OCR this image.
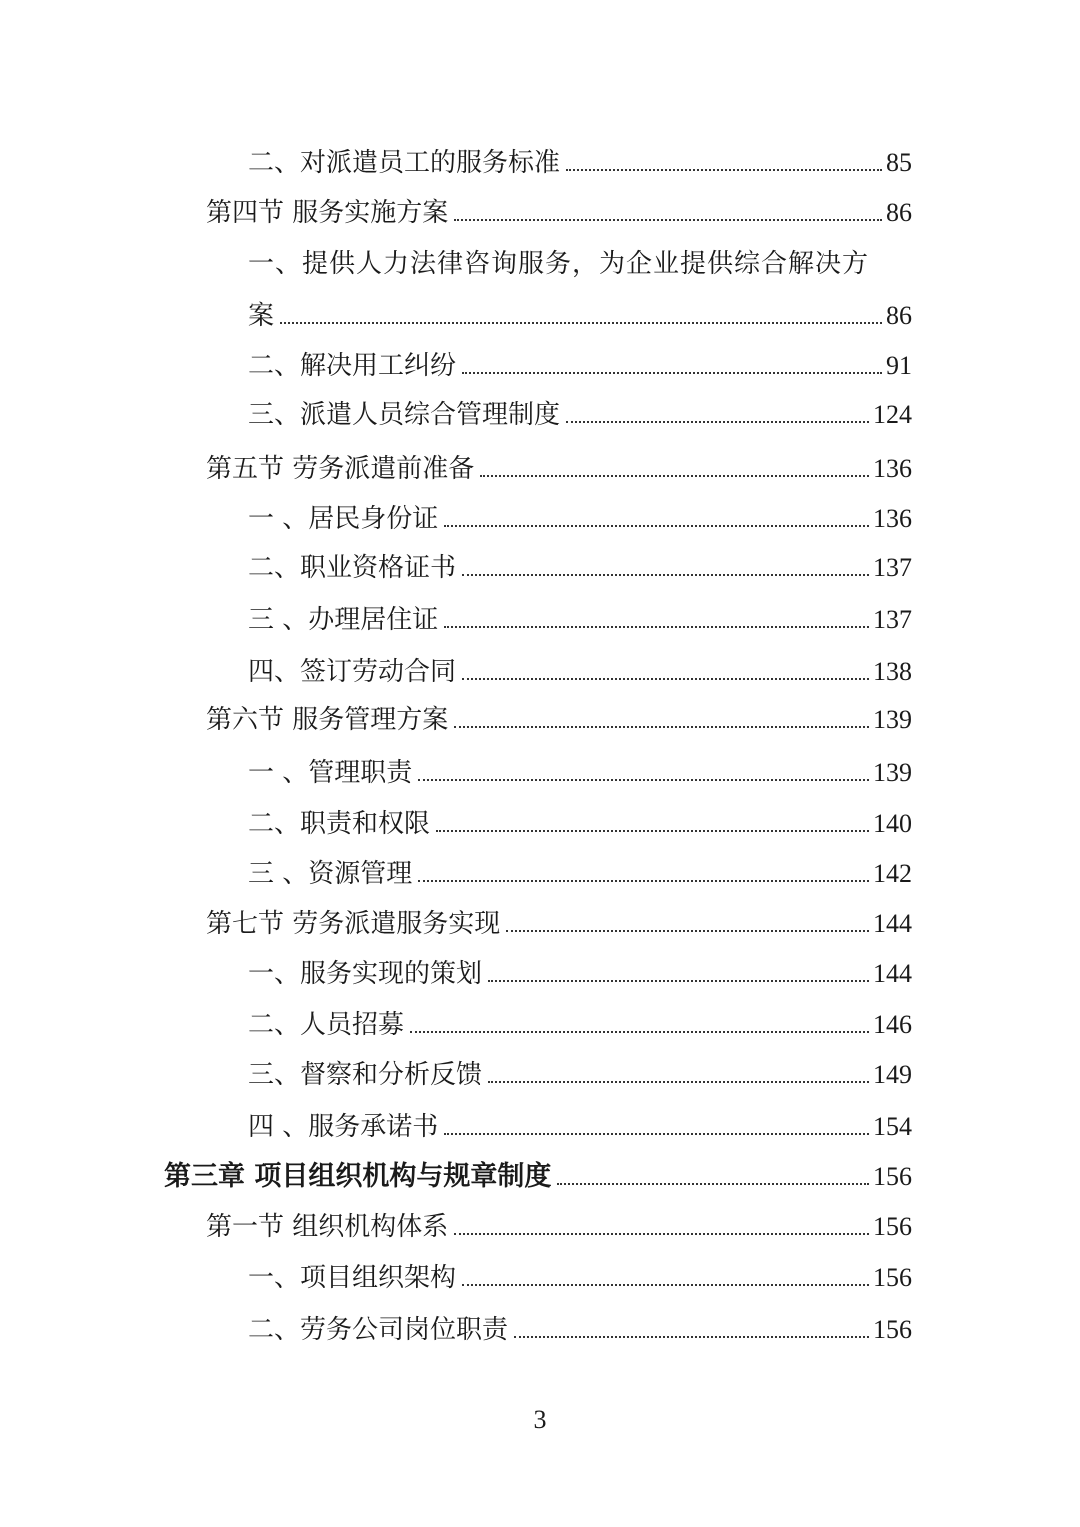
二、对派遣员工的服务标准	85
第四节 服务实施方案	86
一、提供人力法律咨询服务，为企业提供综合解决方
案	86
二、解决用工纠纷	91
三、派遣人员综合管理制度	124
第五节 劳务派遣前准备	136
一 、居民身份证	136
二、职业资格证书	137
三 、办理居住证	137
四、签订劳动合同	138
第六节 服务管理方案	139
一 、管理职责	139
二、职责和权限	140
三 、资源管理	142
第七节 劳务派遣服务实现	144
一、服务实现的策划	144
二、人员招募	146
三、督察和分析反馈	149
四 、服务承诺书	154
第三章 项目组织机构与规章制度	156
第一节 组织机构体系	156
一、项目组织架构	156
二、劳务公司岗位职责	156
3
